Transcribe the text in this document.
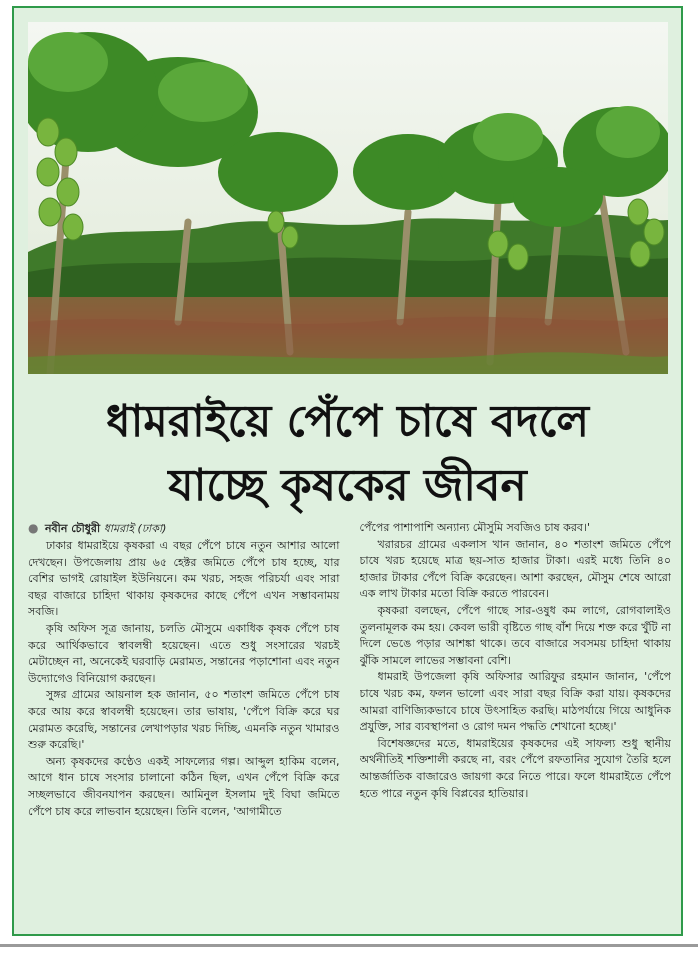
ধামরাইয়ে পেঁপে চাষে বদলে
যাচ্ছে কৃষকের জীবন
● নবীন চৌধুরী ধামরাই (ঢাকা)

ঢাকার ধামরাইয়ে কৃষকরা এ বছর পেঁপে চাষে নতুন আশার আলো দেখছেন। উপজেলায় প্রায় ৬৫ হেক্টর জমিতে পেঁপে চাষ হচ্ছে, যার বেশির ভাগই রোয়াইল ইউনিয়নে। কম খরচ, সহজ পরিচর্যা এবং সারা বছর বাজারে চাহিদা থাকায় কৃষকদের কাছে পেঁপে এখন সম্ভাবনাময় সবজি।

কৃষি অফিস সূত্র জানায়, চলতি মৌসুমে একাধিক কৃষক পেঁপে চাষ করে আর্থিকভাবে স্বাবলম্বী হয়েছেন। এতে শুধু সংসারের খরচই মেটাচ্ছেন না, অনেকেই ঘরবাড়ি মেরামত, সন্তানের পড়াশোনা এবং নতুন উদ্যোগেও বিনিয়োগ করছেন।

সুঙ্গর গ্রামের আয়নাল হক জানান, ৫০ শতাংশ জমিতে পেঁপে চাষ করে আয় করে স্বাবলম্বী হয়েছেন। তার ভাষায়, 'পেঁপে বিক্রি করে ঘর মেরামত করেছি, সন্তানের লেখাপড়ার খরচ দিচ্ছি, এমনকি নতুন খামারও শুরু করেছি।'

অন্য কৃষকদের কণ্ঠেও একই সাফল্যের গল্প। আব্দুল হাকিম বলেন, আগে ধান চাষে সংসার চালানো কঠিন ছিল, এখন পেঁপে বিক্রি করে সচ্ছলভাবে জীবনযাপন করছেন। আমিনুল ইসলাম দুই বিঘা জমিতে পেঁপে চাষ করে লাভবান হয়েছেন। তিনি বলেন, 'আগামীতে

পেঁপের পাশাপাশি অন্যান্য মৌসুমি সবজিও চাষ করব।'

খরারচর গ্রামের একলাস খান জানান, ৪০ শতাংশ জমিতে পেঁপে চাষে খরচ হয়েছে মাত্র ছয়-সাত হাজার টাকা। এরই মধ্যে তিনি ৪০ হাজার টাকার পেঁপে বিক্রি করেছেন। আশা করছেন, মৌসুম শেষে আরো এক লাখ টাকার মতো বিক্রি করতে পারবেন।

কৃষকরা বলছেন, পেঁপে গাছে সার-ওষুধ কম লাগে, রোগবালাইও তুলনামূলক কম হয়। কেবল ভারী বৃষ্টিতে গাছ বাঁশ দিয়ে শক্ত করে খুঁটি না দিলে ভেঙে পড়ার আশঙ্কা থাকে। তবে বাজারে সবসময় চাহিদা থাকায় ঝুঁকি সামলে লাভের সম্ভাবনা বেশি।

ধামরাই উপজেলা কৃষি অফিসার আরিফুর রহমান জানান, 'পেঁপে চাষে খরচ কম, ফলন ভালো এবং সারা বছর বিক্রি করা যায়। কৃষকদের আমরা বাণিজ্যিকভাবে চাষে উৎসাহিত করছি। মাঠপর্যায়ে গিয়ে আধুনিক প্রযুক্তি, সার ব্যবস্থাপনা ও রোগ দমন পদ্ধতি শেখানো হচ্ছে।'

বিশেষজ্ঞদের মতে, ধামরাইয়ের কৃষকদের এই সাফল্য শুধু স্থানীয় অর্থনীতিই শক্তিশালী করছে না, বরং পেঁপে রফতানির সুযোগ তৈরি হলে আন্তর্জাতিক বাজারেও জায়গা করে নিতে পারে। ফলে ধামরাইতে পেঁপে হতে পারে নতুন কৃষি বিপ্লবের হাতিয়ার।
